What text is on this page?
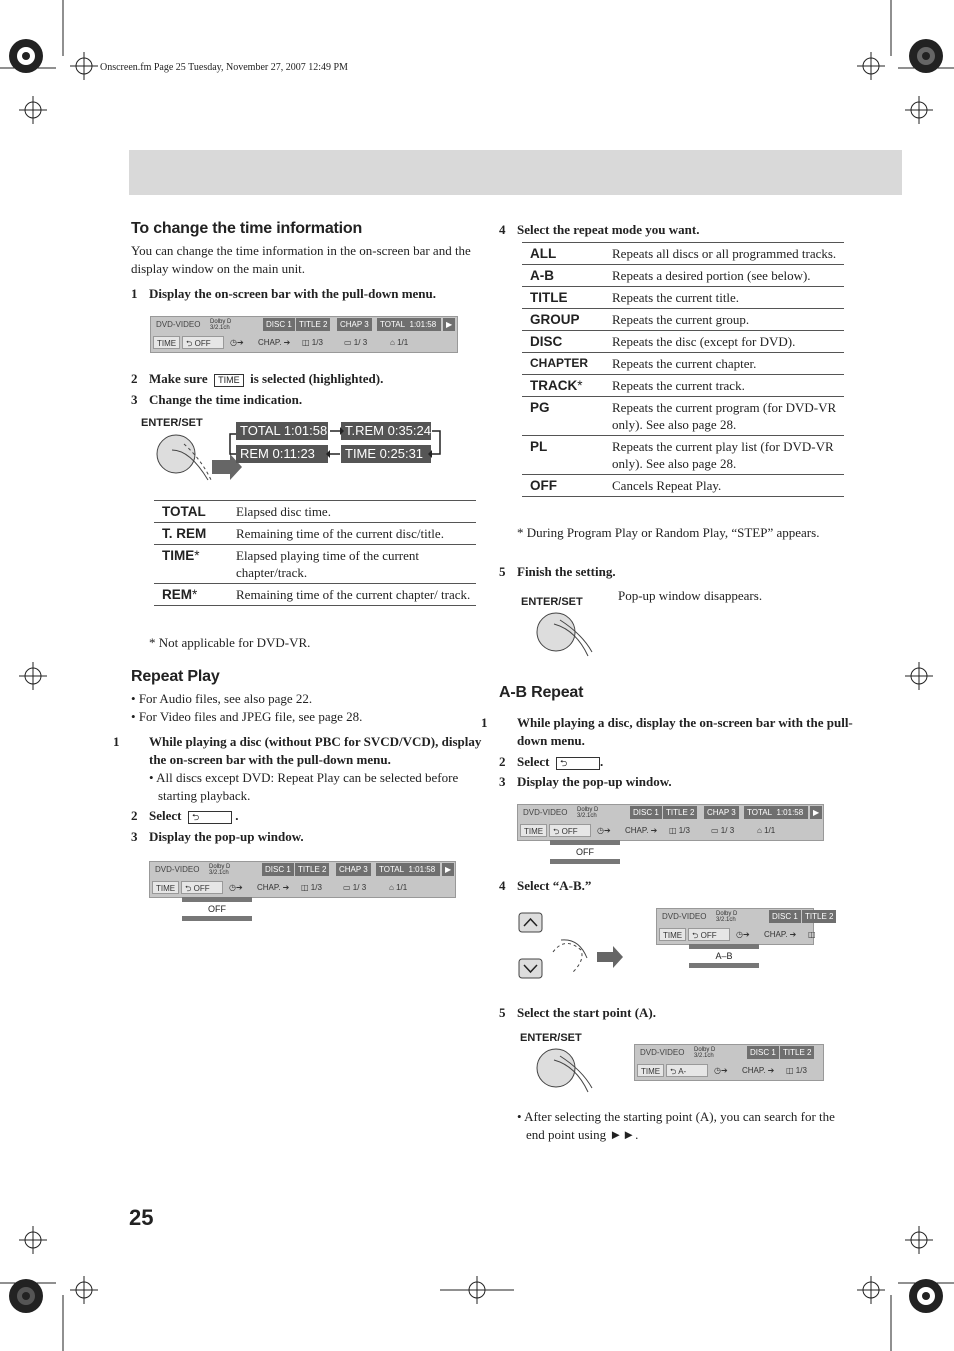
Onscreen.fm Page 25 Tuesday, November 27, 2007 12:49 PM
To change the time information
You can change the time information in the on-screen bar and the display window on the main unit.
1 Display the on-screen bar with the pull-down menu.
DVD-VIDEO	Dolby D
3/2.1ch	DISC 1 TITLE 2	CHAP 3	TOTAL 1:01:58	▶
TIME	⮌ OFF	◷➔	CHAP. ➔	◫ 1/3	▭ 1/ 3	⌂ 1/1
2 Make sure TIME is selected (highlighted).
3 Change the time indication.
ENTER/SET	TOTAL 1:01:58	T.REM 0:35:24
REM 0:11:23	TIME 0:25:31
TOTAL	Elapsed disc time.
T. REM	Remaining time of the current disc/title.
TIME*	Elapsed playing time of the current chapter/track.
REM*	Remaining time of the current chapter/ track.
* Not applicable for DVD-VR.
Repeat Play
• For Audio files, see also page 22.
• For Video files and JPEG file, see page 28.
1 While playing a disc (without PBC for SVCD/VCD), display the on-screen bar with the pull-down menu.
• All discs except DVD: Repeat Play can be selected before starting playback.
2 Select ⮌	.
3 Display the pop-up window.
DVD-VIDEO	Dolby D
3/2.1ch	DISC 1 TITLE 2	CHAP 3	TOTAL 1:01:58	▶
TIME	⮌ OFF	◷➔	CHAP. ➔	◫ 1/3	▭ 1/ 3	⌂ 1/1
OFF
25
4 Select the repeat mode you want.
ALL	Repeats all discs or all programmed tracks.
A-B	Repeats a desired portion (see below).
TITLE	Repeats the current title.
GROUP	Repeats the current group.
DISC	Repeats the disc (except for DVD).
CHAPTER	Repeats the current chapter.
TRACK*	Repeats the current track.
PG	Repeats the current program (for DVD-VR only). See also page 28.
PL	Repeats the current play list (for DVD-VR only). See also page 28.
OFF	Cancels Repeat Play.
* During Program Play or Random Play, “STEP” appears.
5 Finish the setting.
ENTER/SET	Pop-up window disappears.
A-B Repeat
1 While playing a disc, display the on-screen bar with the pull-down menu.
2 Select ⮌	.
3 Display the pop-up window.
DVD-VIDEO	Dolby D
3/2.1ch	DISC 1 TITLE 2	CHAP 3	TOTAL 1:01:58	▶
TIME	⮌ OFF	◷➔	CHAP. ➔	◫ 1/3	▭ 1/ 3	⌂ 1/1
OFF
4 Select “A-B.”
DVD-VIDEO	Dolby D
3/2.1ch	DISC 1 TITLE 2
TIME	⮌ OFF	◷➔	CHAP. ➔	◫
A–B
5 Select the start point (A).
ENTER/SET
DVD-VIDEO	Dolby D
3/2.1ch	DISC 1 TITLE 2
TIME	⮌ A-	◷➔	CHAP. ➔	◫ 1/3
• After selecting the starting point (A), you can search for the end point using ►►.
